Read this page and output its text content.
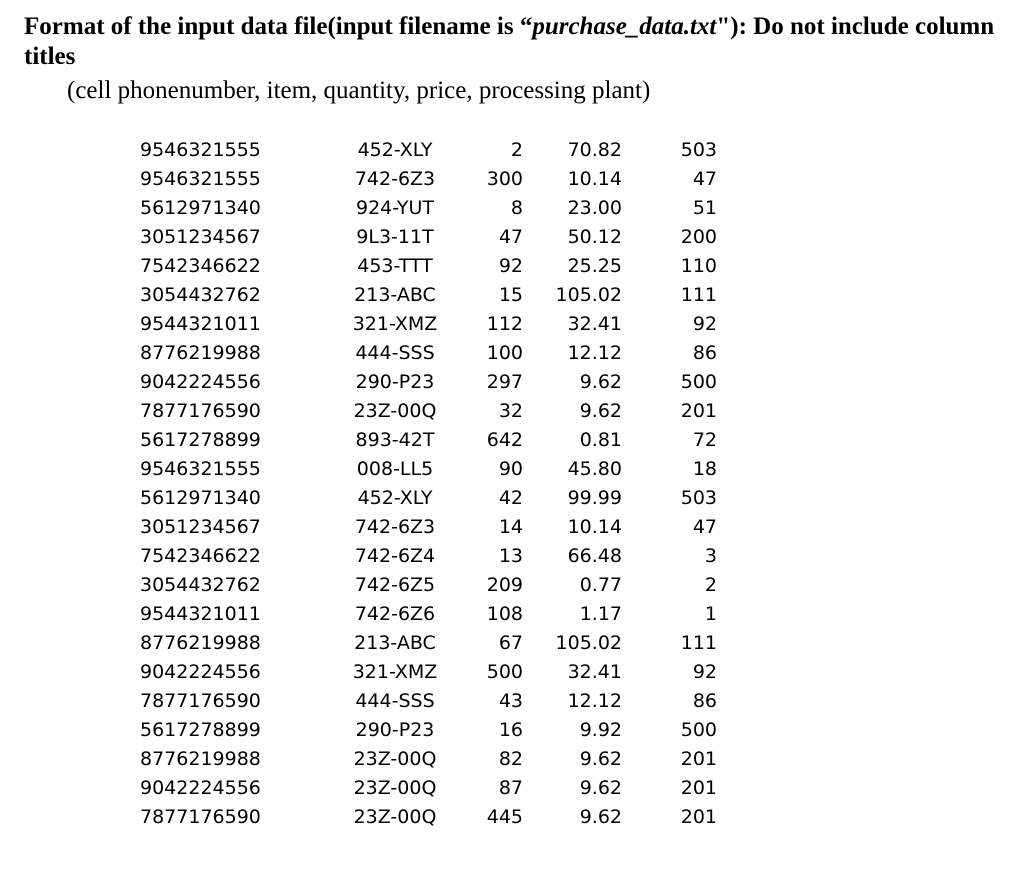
Format of the input data file(input filename is “purchase_data.txt"): Do not include column titles
(cell phonenumber, item, quantity, price, processing plant)
9546321555	452-XLY	2	70.82	503
9546321555	742-6Z3	300	10.14	47
5612971340	924-YUT	8	23.00	51
3051234567	9L3-11T	47	50.12	200
7542346622	453-TTT	92	25.25	110
3054432762	213-ABC	15	105.02	111
9544321011	321-XMZ	112	32.41	92
8776219988	444-SSS	100	12.12	86
9042224556	290-P23	297	9.62	500
7877176590	23Z-00Q	32	9.62	201
5617278899	893-42T	642	0.81	72
9546321555	008-LL5	90	45.80	18
5612971340	452-XLY	42	99.99	503
3051234567	742-6Z3	14	10.14	47
7542346622	742-6Z4	13	66.48	3
3054432762	742-6Z5	209	0.77	2
9544321011	742-6Z6	108	1.17	1
8776219988	213-ABC	67	105.02	111
9042224556	321-XMZ	500	32.41	92
7877176590	444-SSS	43	12.12	86
5617278899	290-P23	16	9.92	500
8776219988	23Z-00Q	82	9.62	201
9042224556	23Z-00Q	87	9.62	201
7877176590	23Z-00Q	445	9.62	201
